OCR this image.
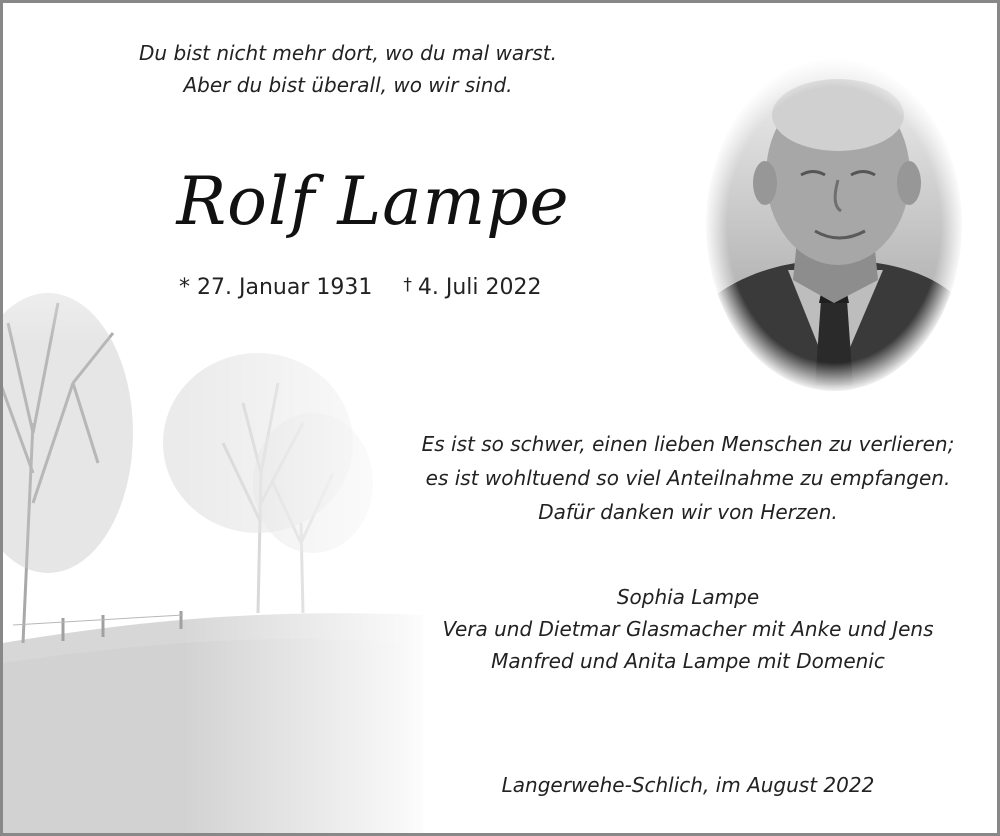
Du bist nicht mehr dort, wo du mal warst.
Aber du bist überall, wo wir sind.
Rolf Lampe
* 27. Januar 1931 † 4. Juli 2022
Es ist so schwer, einen lieben Menschen zu verlieren;
es ist wohltuend so viel Anteilnahme zu empfangen.
Dafür danken wir von Herzen.
Sophia Lampe
Vera und Dietmar Glasmacher mit Anke und Jens
Manfred und Anita Lampe mit Domenic
Langerwehe-Schlich, im August 2022
